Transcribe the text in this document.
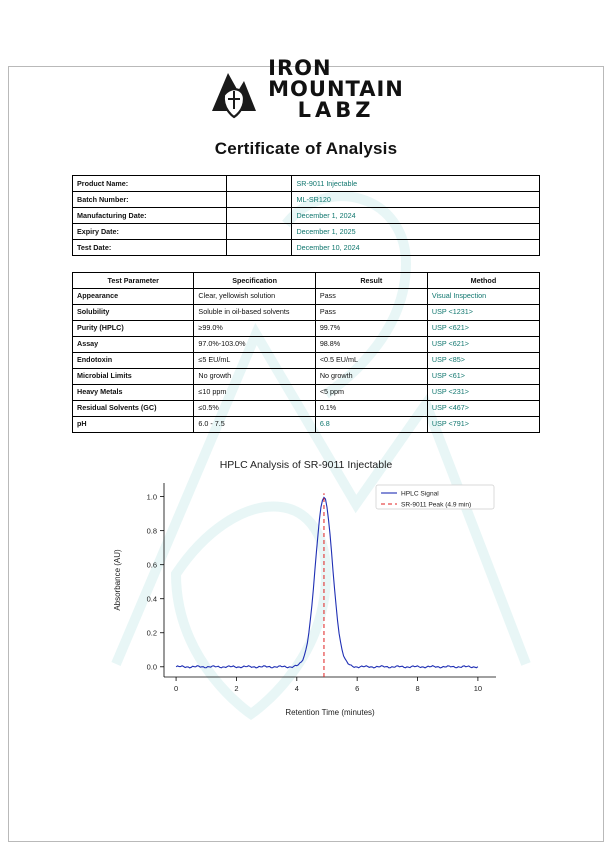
IRON
MOUNTAIN
LABZ
Certificate of Analysis
Product Name:		SR-9011 Injectable
Batch Number:		ML-SR120
Manufacturing Date:		December 1, 2024
Expiry Date:		December 1, 2025
Test Date:		December 10, 2024
Test Parameter	Specification	Result	Method
Appearance	Clear, yellowish solution	Pass	Visual Inspection
Solubility	Soluble in oil-based solvents	Pass	USP <1231>
Purity (HPLC)	≥99.0%	99.7%	USP <621>
Assay	97.0%-103.0%	98.8%	USP <621>
Endotoxin	≤5 EU/mL	<0.5 EU/mL	USP <85>
Microbial Limits	No growth	No growth	USP <61>
Heavy Metals	≤10 ppm	<5 ppm	USP <231>
Residual Solvents (GC)	≤0.5%	0.1%	USP <467>
pH	6.0 - 7.5	6.8	USP <791>
HPLC Analysis of SR-9011 Injectable
0	2	4	6	8	10
0.0
0.2
0.4
0.6
0.8
1.0
Retention Time (minutes)
Absorbance (AU)
HPLC Signal
SR-9011 Peak (4.9 min)
